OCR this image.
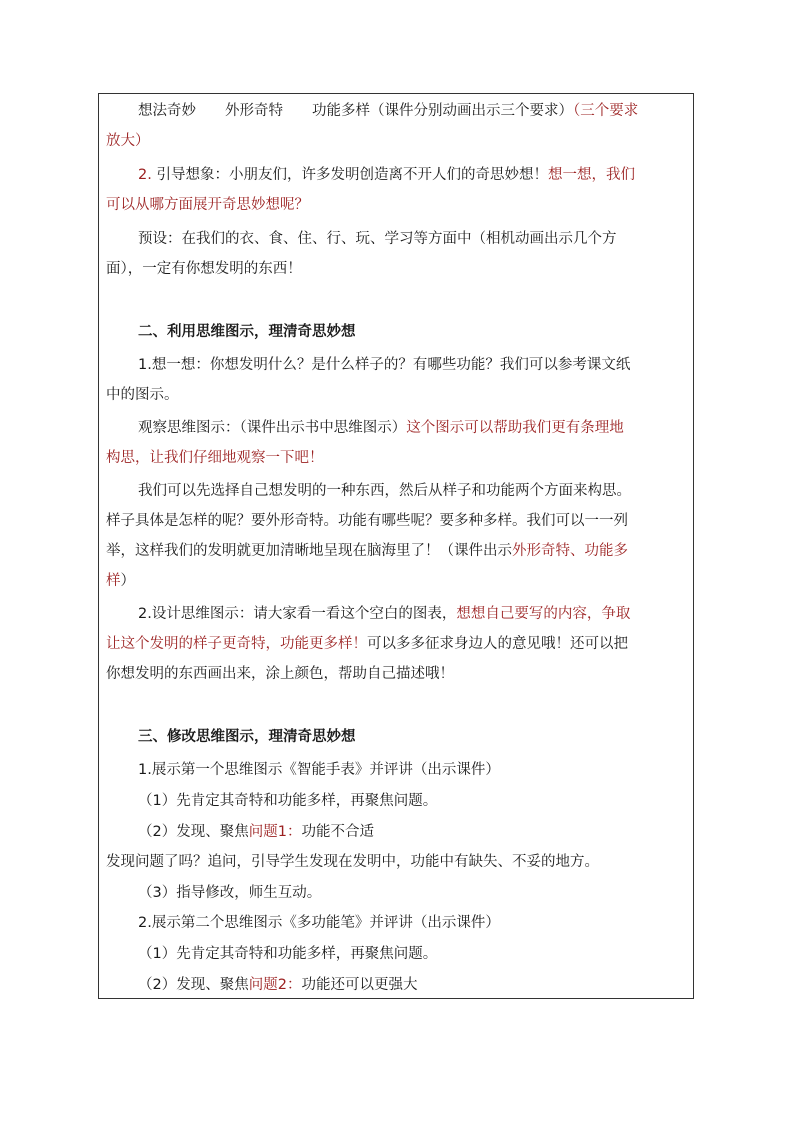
想法奇妙　　外形奇特　　功能多样（课件分别动画出示三个要求）（三个要求
放大）
2. 引导想象：小朋友们，许多发明创造离不开人们的奇思妙想！想一想，我们
可以从哪方面展开奇思妙想呢？
预设：在我们的衣、食、住、行、玩、学习等方面中（相机动画出示几个方
面），一定有你想发明的东西！
二、利用思维图示，理清奇思妙想
1.想一想：你想发明什么？是什么样子的？有哪些功能？我们可以参考课文纸
中的图示。
观察思维图示：（课件出示书中思维图示）这个图示可以帮助我们更有条理地
构思，让我们仔细地观察一下吧！
我们可以先选择自己想发明的一种东西，然后从样子和功能两个方面来构思。
样子具体是怎样的呢？要外形奇特。功能有哪些呢？要多种多样。我们可以一一列
举，这样我们的发明就更加清晰地呈现在脑海里了！（课件出示外形奇特、功能多
样）
2.设计思维图示：请大家看一看这个空白的图表，想想自己要写的内容，争取
让这个发明的样子更奇特，功能更多样！可以多多征求身边人的意见哦！还可以把
你想发明的东西画出来，涂上颜色，帮助自己描述哦！
三、修改思维图示，理清奇思妙想
1.展示第一个思维图示《智能手表》并评讲（出示课件）
（1）先肯定其奇特和功能多样，再聚焦问题。
（2）发现、聚焦问题1：功能不合适
发现问题了吗？追问，引导学生发现在发明中，功能中有缺失、不妥的地方。
（3）指导修改，师生互动。
2.展示第二个思维图示《多功能笔》并评讲（出示课件）
（1）先肯定其奇特和功能多样，再聚焦问题。
（2）发现、聚焦问题2：功能还可以更强大
